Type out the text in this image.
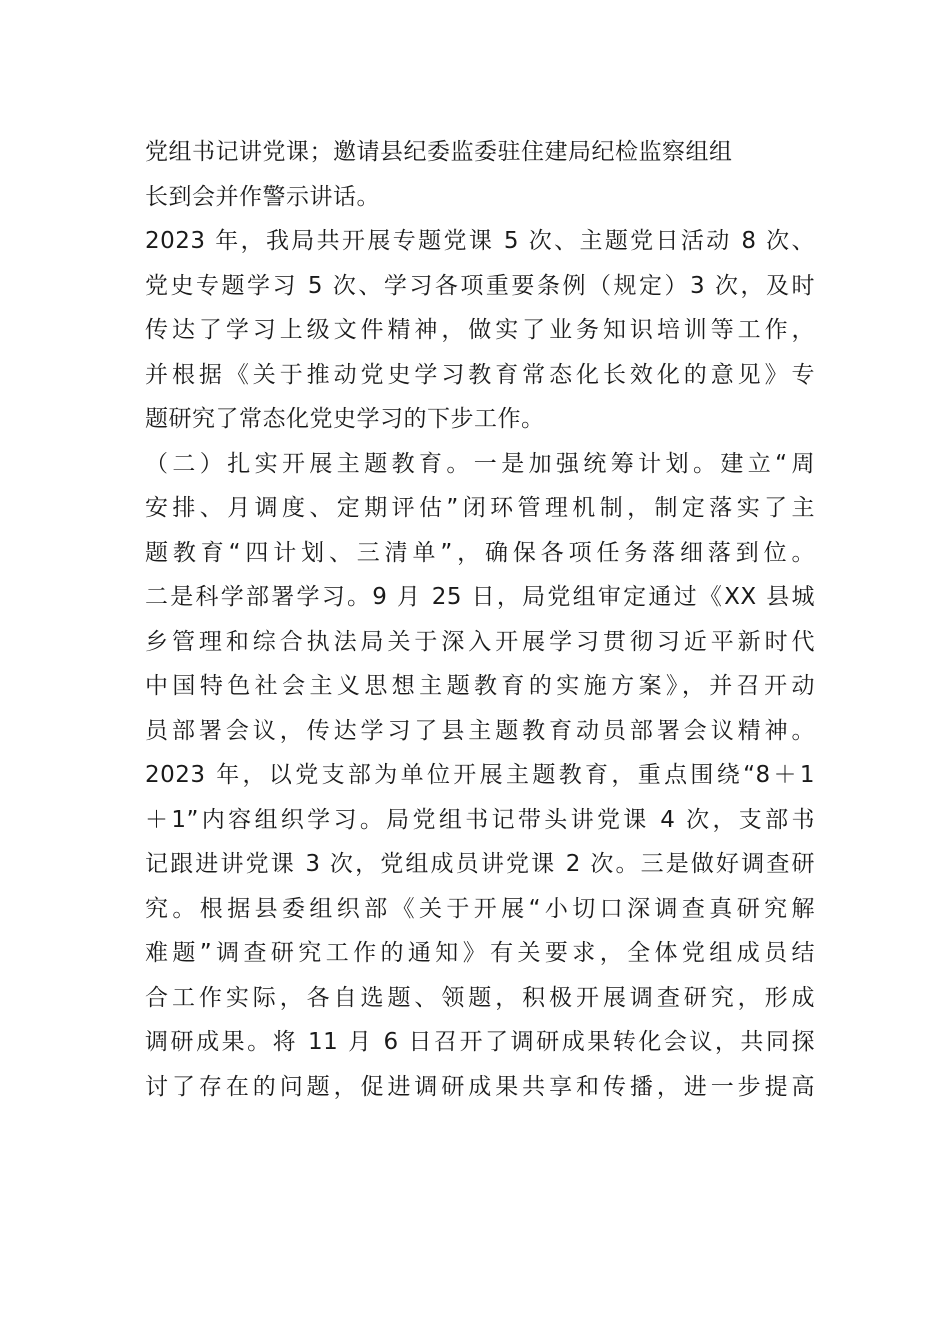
党组书记讲党课；邀请县纪委监委驻住建局纪检监察组组
长到会并作警示讲话。
2023 年，我局共开展专题党课 5 次、主题党日活动 8 次、
党史专题学习 5 次、学习各项重要条例（规定）3 次，及时
传达了学习上级文件精神，做实了业务知识培训等工作，
并根据《关于推动党史学习教育常态化长效化的意见》专
题研究了常态化党史学习的下步工作。
（二）扎实开展主题教育。一是加强统筹计划。建立“周
安排、月调度、定期评估”闭环管理机制，制定落实了主
题教育“四计划、三清单”，确保各项任务落细落到位。
二是科学部署学习。9 月 25 日，局党组审定通过《XX 县城
乡管理和综合执法局关于深入开展学习贯彻习近平新时代
中国特色社会主义思想主题教育的实施方案》，并召开动
员部署会议，传达学习了县主题教育动员部署会议精神。
2023 年，以党支部为单位开展主题教育，重点围绕“8＋1
＋1”内容组织学习。局党组书记带头讲党课 4 次，支部书
记跟进讲党课 3 次，党组成员讲党课 2 次。三是做好调查研
究。根据县委组织部《关于开展“小切口深调查真研究解
难题”调查研究工作的通知》有关要求，全体党组成员结
合工作实际，各自选题、领题，积极开展调查研究，形成
调研成果。将 11 月 6 日召开了调研成果转化会议，共同探
讨了存在的问题，促进调研成果共享和传播，进一步提高
